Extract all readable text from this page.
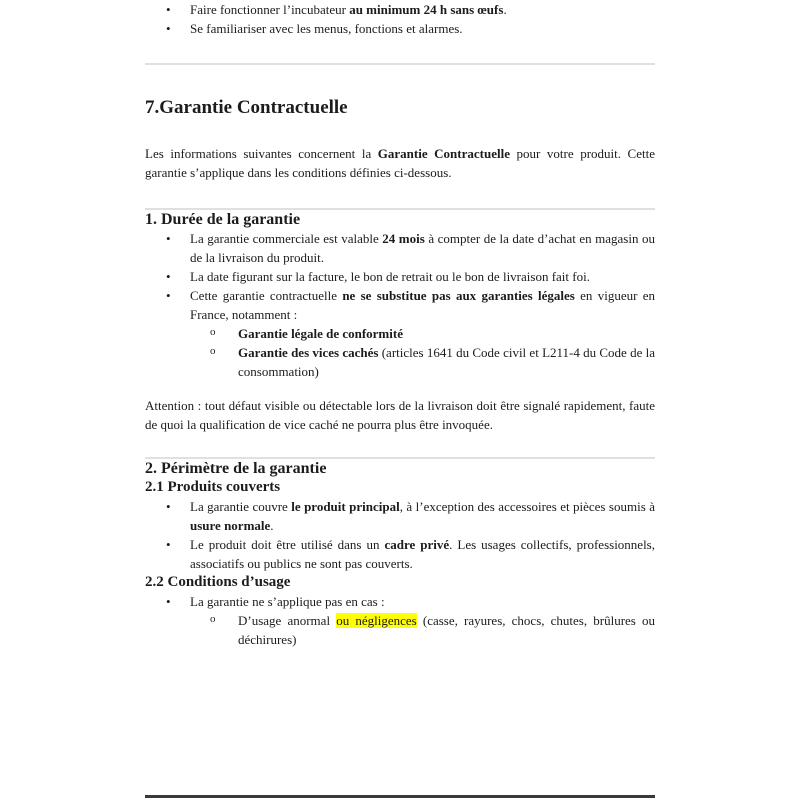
• Faire fonctionner l’incubateur au minimum 24 h sans œufs.
• Se familiariser avec les menus, fonctions et alarmes.
7.Garantie Contractuelle

Les informations suivantes concernent la Garantie Contractuelle pour votre produit. Cette garantie s’applique dans les conditions définies ci-dessous.

1. Durée de la garantie
• La garantie commerciale est valable 24 mois à compter de la date d’achat en magasin ou de la livraison du produit.
• La date figurant sur la facture, le bon de retrait ou le bon de livraison fait foi.
• Cette garantie contractuelle ne se substitue pas aux garanties légales en vigueur en France, notamment :
o Garantie légale de conformité
o Garantie des vices cachés (articles 1641 du Code civil et L211-4 du Code de la consommation)

Attention : tout défaut visible ou détectable lors de la livraison doit être signalé rapidement, faute de quoi la qualification de vice caché ne pourra plus être invoquée.

2. Périmètre de la garantie
2.1 Produits couverts
• La garantie couvre le produit principal, à l’exception des accessoires et pièces soumis à usure normale.
• Le produit doit être utilisé dans un cadre privé. Les usages collectifs, professionnels, associatifs ou publics ne sont pas couverts.
2.2 Conditions d’usage
• La garantie ne s’applique pas en cas :
o D’usage anormal ou négligences (casse, rayures, chocs, chutes, brûlures ou déchirures)
